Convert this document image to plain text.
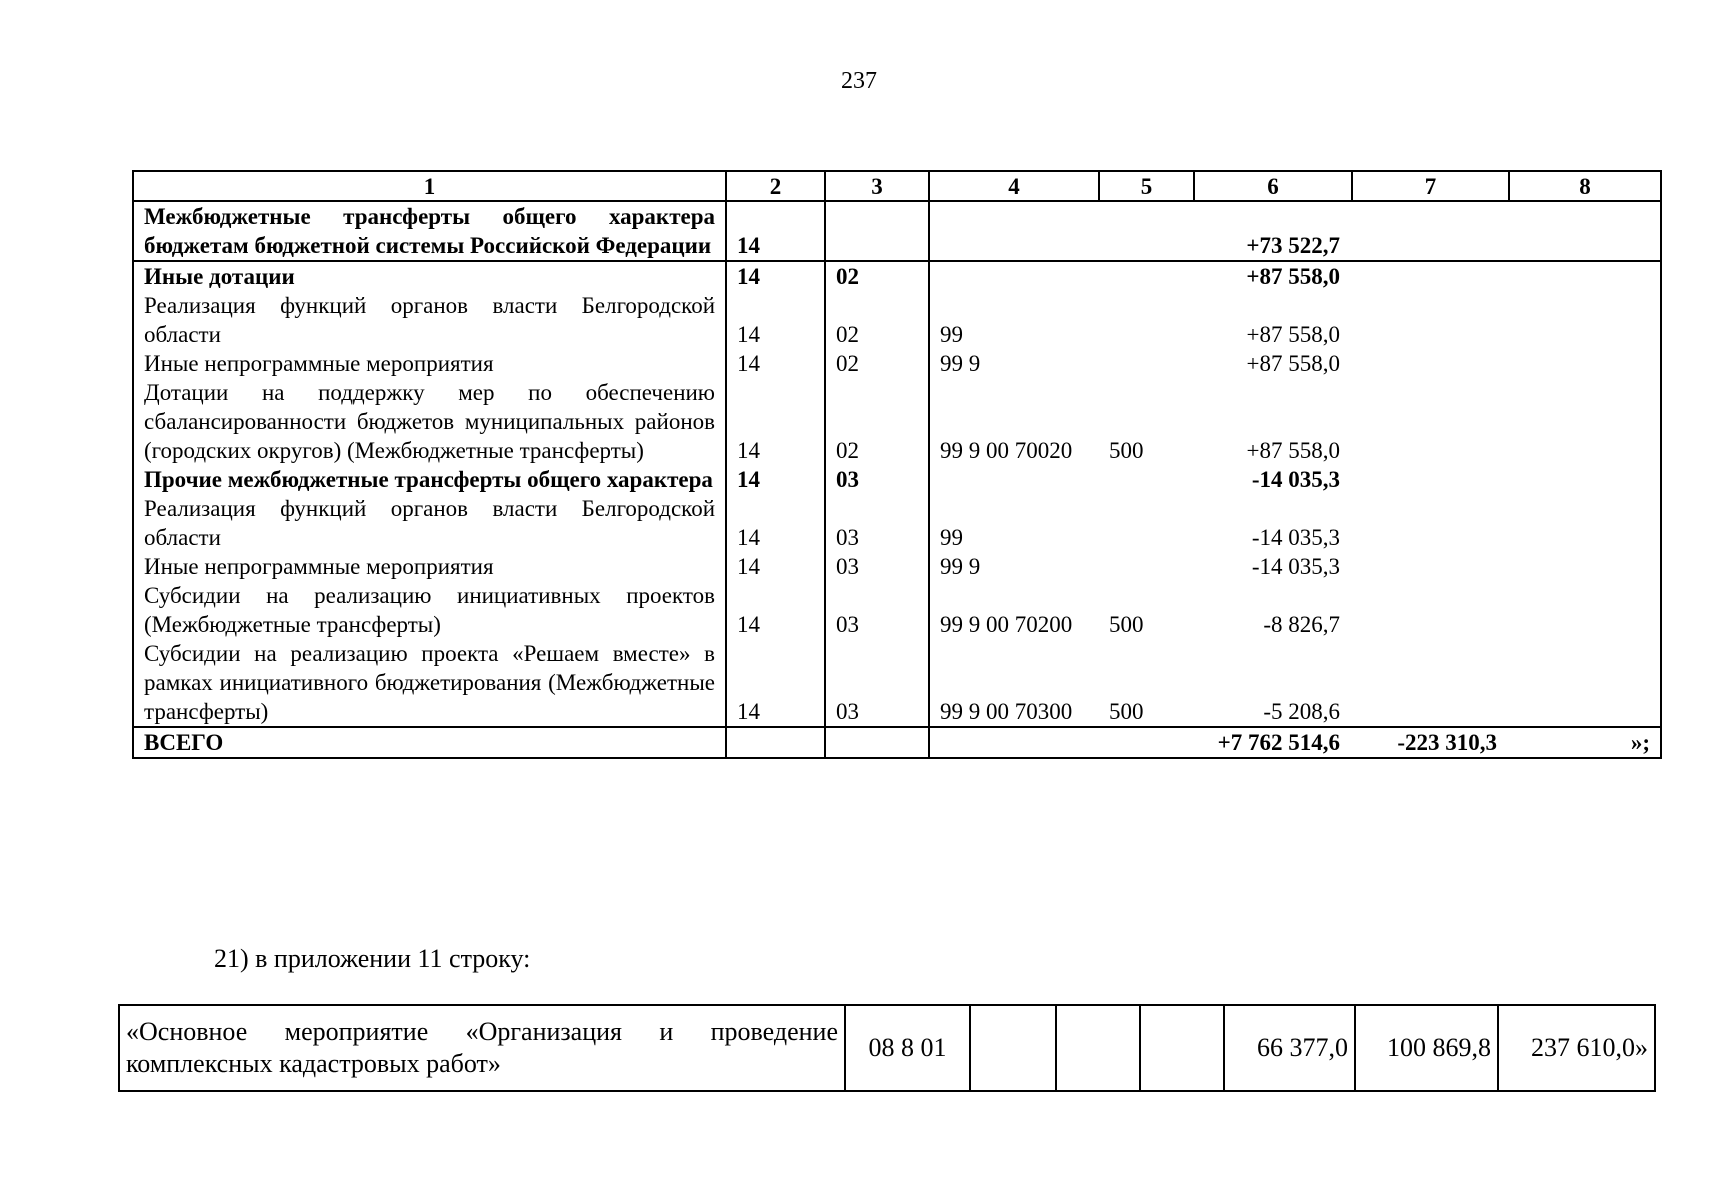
237
1	2	3	4	5	6	7	8
Межбюджетные трансферты общего характера бюджетам бюджетной системы Российской Федерации	14				+73 522,7		
Иные дотации	14	02			+87 558,0		
Реализация функций органов власти Белгородской области	14	02	99		+87 558,0		
Иные непрограммные мероприятия	14	02	99 9		+87 558,0		
Дотации на поддержку мер по обеспечению сбалансированности бюджетов муниципальных районов (городских округов) (Межбюджетные трансферты)	14	02	99 9 00 70020	500	+87 558,0		
Прочие межбюджетные трансферты общего характера	14	03			-14 035,3		
Реализация функций органов власти Белгородской области	14	03	99		-14 035,3		
Иные непрограммные мероприятия	14	03	99 9		-14 035,3		
Субсидии на реализацию инициативных проектов (Межбюджетные трансферты)	14	03	99 9 00 70200	500	-8 826,7		
Субсидии на реализацию проекта «Решаем вместе» в рамках инициативного бюджетирования (Межбюджетные трансферты)	14	03	99 9 00 70300	500	-5 208,6		
ВСЕГО					+7 762 514,6	-223 310,3	»;
21) в приложении 11 строку:
«Основное мероприятие «Организация и проведение комплексных кадастровых работ»	08 8 01				66 377,0	100 869,8	237 610,0»
